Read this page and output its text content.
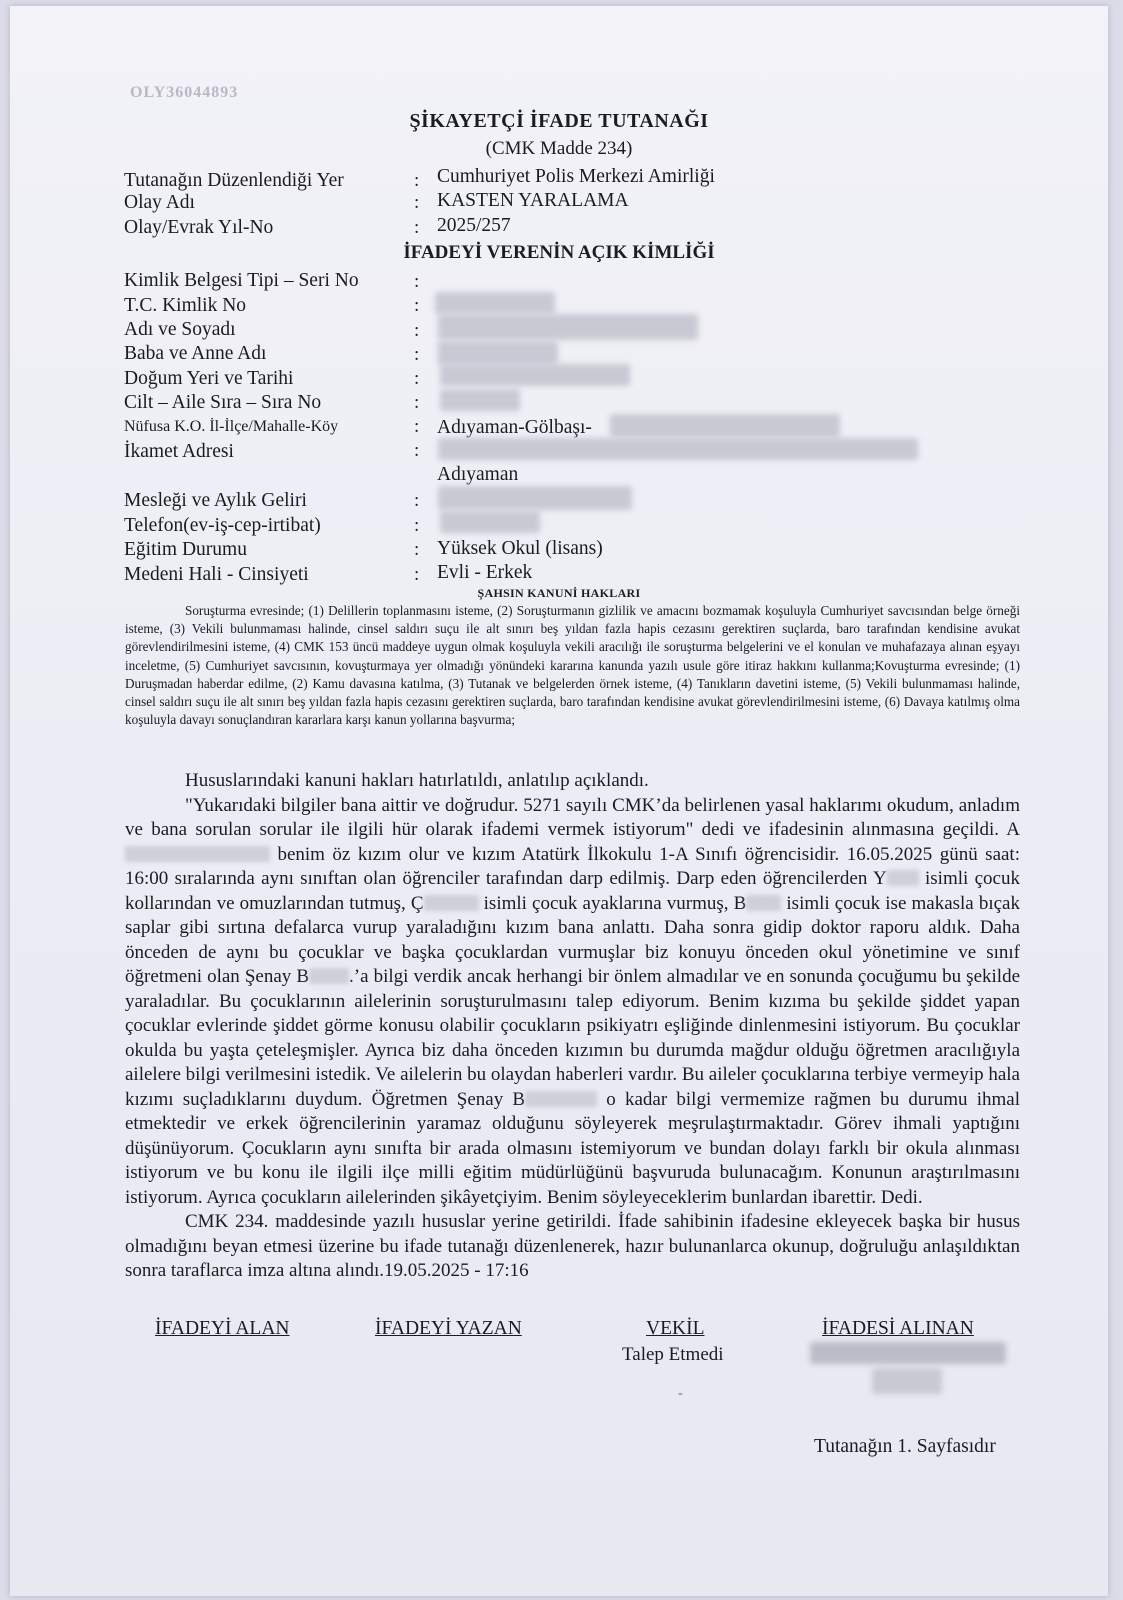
OLY36044893
ŞİKAYETÇİ İFADE TUTANAĞI
(CMK Madde 234)
Tutanağın Düzenlendiği Yer	: Cumhuriyet Polis Merkezi Amirliği
Olay Adı	: KASTEN YARALAMA
Olay/Evrak Yıl-No	: 2025/257
İFADEYİ VERENİN AÇIK KİMLİĞİ
Kimlik Belgesi Tipi – Seri No	:
T.C. Kimlik No	:
Adı ve Soyadı	:
Baba ve Anne Adı	:
Doğum Yeri ve Tarihi	:
Cilt – Aile Sıra – Sıra No	:
Nüfusa K.O. İl-İlçe/Mahalle-Köy	: Adıyaman-Gölbaşı-
İkamet Adresi	:
Adıyaman
Mesleği ve Aylık Geliri	:
Telefon(ev-iş-cep-irtibat)	:
Eğitim Durumu	: Yüksek Okul (lisans)
Medeni Hali - Cinsiyeti	: Evli - Erkek
ŞAHSIN KANUNİ HAKLARI

Soruşturma evresinde; (1) Delillerin toplanmasını isteme, (2) Soruşturmanın gizlilik ve amacını bozmamak koşuluyla Cumhuriyet savcısından belge örneği isteme, (3) Vekili bulunmaması halinde, cinsel saldırı suçu ile alt sınırı beş yıldan fazla hapis cezasını gerektiren suçlarda, baro tarafından kendisine avukat görevlendirilmesini isteme, (4) CMK 153 üncü maddeye uygun olmak koşuluyla vekili aracılığı ile soruşturma belgelerini ve el konulan ve muhafazaya alınan eşyayı inceletme, (5) Cumhuriyet savcısının, kovuşturmaya yer olmadığı yönündeki kararına kanunda yazılı usule göre itiraz hakkını kullanma;Kovuşturma evresinde; (1) Duruşmadan haberdar edilme, (2) Kamu davasına katılma, (3) Tutanak ve belgelerden örnek isteme, (4) Tanıkların davetini isteme, (5) Vekili bulunmaması halinde, cinsel saldırı suçu ile alt sınırı beş yıldan fazla hapis cezasını gerektiren suçlarda, baro tarafından kendisine avukat görevlendirilmesini isteme, (6) Davaya katılmış olma koşuluyla davayı sonuçlandıran kararlara karşı kanun yollarına başvurma;

Hususlarındaki kanuni hakları hatırlatıldı, anlatılıp açıklandı.

"Yukarıdaki bilgiler bana aittir ve doğrudur. 5271 sayılı CMK’da belirlenen yasal haklarımı okudum, anladım ve bana sorulan sorular ile ilgili hür olarak ifademi vermek istiyorum" dedi ve ifadesinin alınmasına geçildi. A benim öz kızım olur ve kızım Atatürk İlkokulu 1-A Sınıfı öğrencisidir. 16.05.2025 günü saat: 16:00 sıralarında aynı sınıftan olan öğrenciler tarafından darp edilmiş. Darp eden öğrencilerden Y isimli çocuk kollarından ve omuzlarından tutmuş, Ç	isimli çocuk ayaklarına vurmuş, B isimli çocuk ise makasla bıçak saplar gibi sırtına defalarca vurup yaraladığını kızım bana anlattı. Daha sonra gidip doktor raporu aldık. Daha önceden de aynı bu çocuklar ve başka çocuklardan vurmuşlar biz konuyu önceden okul yönetimine ve sınıf öğretmeni olan Şenay B .’a bilgi verdik ancak herhangi bir önlem almadılar ve en sonunda çocuğumu bu şekilde yaraladılar. Bu çocuklarının ailelerinin soruşturulmasını talep ediyorum. Benim kızıma bu şekilde şiddet yapan çocuklar evlerinde şiddet görme konusu olabilir çocukların psikiyatrı eşliğinde dinlenmesini istiyorum. Bu çocuklar okulda bu yaşta çeteleşmişler. Ayrıca biz daha önceden kızımın bu durumda mağdur olduğu öğretmen aracılığıyla ailelere bilgi verilmesini istedik. Ve ailelerin bu olaydan haberleri vardır. Bu aileler çocuklarına terbiye vermeyip hala kızımı suçladıklarını duydum. Öğretmen Şenay B	o kadar bilgi vermemize rağmen bu durumu ihmal etmektedir ve erkek öğrencilerinin yaramaz olduğunu söyleyerek meşrulaştırmaktadır. Görev ihmali yaptığını düşünüyorum. Çocukların aynı sınıfta bir arada olmasını istemiyorum ve bundan dolayı farklı bir okula alınması istiyorum ve bu konu ile ilgili ilçe milli eğitim müdürlüğünü başvuruda bulunacağım. Konunun araştırılmasını istiyorum. Ayrıca çocukların ailelerinden şikâyetçiyim. Benim söyleyeceklerim bunlardan ibarettir. Dedi.

CMK 234. maddesinde yazılı hususlar yerine getirildi. İfade sahibinin ifadesine ekleyecek başka bir husus olmadığını beyan etmesi üzerine bu ifade tutanağı düzenlenerek, hazır bulunanlarca okunup, doğruluğu anlaşıldıktan sonra taraflarca imza altına alındı.19.05.2025 - 17:16

İFADEYİ ALAN	İFADEYİ YAZAN	VEKİL	İFADESİ ALINAN
Talep Etmedi
-
Tutanağın 1. Sayfasıdır
